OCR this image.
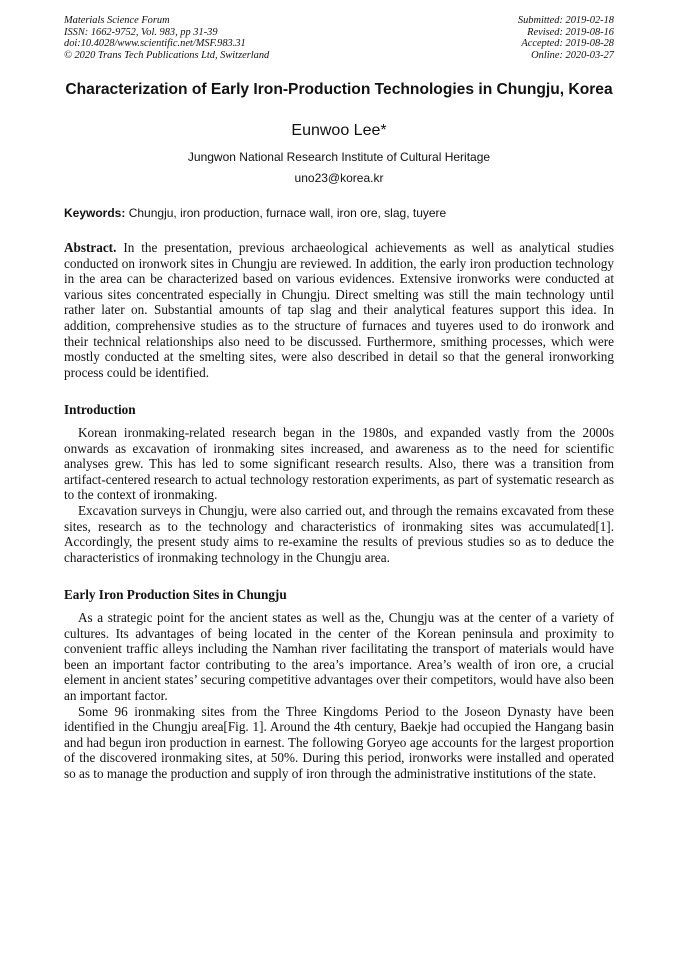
Materials Science Forum
ISSN: 1662-9752, Vol. 983, pp 31-39
doi:10.4028/www.scientific.net/MSF.983.31
© 2020 Trans Tech Publications Ltd, Switzerland
Submitted: 2019-02-18
Revised: 2019-08-16
Accepted: 2019-08-28
Online: 2020-03-27
Characterization of Early Iron-Production Technologies in Chungju, Korea
Eunwoo Lee*
Jungwon National Research Institute of Cultural Heritage
uno23@korea.kr
Keywords: Chungju, iron production, furnace wall, iron ore, slag, tuyere

Abstract. In the presentation, previous archaeological achievements as well as analytical studies conducted on ironwork sites in Chungju are reviewed. In addition, the early iron production technology in the area can be characterized based on various evidences. Extensive ironworks were conducted at various sites concentrated especially in Chungju. Direct smelting was still the main technology until rather later on. Substantial amounts of tap slag and their analytical features support this idea. In addition, comprehensive studies as to the structure of furnaces and tuyeres used to do ironwork and their technical relationships also need to be discussed. Furthermore, smithing processes, which were mostly conducted at the smelting sites, were also described in detail so that the general ironworking process could be identified.

Introduction

Korean ironmaking-related research began in the 1980s, and expanded vastly from the 2000s onwards as excavation of ironmaking sites increased, and awareness as to the need for scientific analyses grew. This has led to some significant research results. Also, there was a transition from artifact-centered research to actual technology restoration experiments, as part of systematic research as to the context of ironmaking.

Excavation surveys in Chungju, were also carried out, and through the remains excavated from these sites, research as to the technology and characteristics of ironmaking sites was accumulated[1]. Accordingly, the present study aims to re-examine the results of previous studies so as to deduce the characteristics of ironmaking technology in the Chungju area.

Early Iron Production Sites in Chungju

As a strategic point for the ancient states as well as the, Chungju was at the center of a variety of cultures. Its advantages of being located in the center of the Korean peninsula and proximity to convenient traffic alleys including the Namhan river facilitating the transport of materials would have been an important factor contributing to the area’s importance. Area’s wealth of iron ore, a crucial element in ancient states’ securing competitive advantages over their competitors, would have also been an important factor.

Some 96 ironmaking sites from the Three Kingdoms Period to the Joseon Dynasty have been identified in the Chungju area[Fig. 1]. Around the 4th century, Baekje had occupied the Hangang basin and had begun iron production in earnest. The following Goryeo age accounts for the largest proportion of the discovered ironmaking sites, at 50%. During this period, ironworks were installed and operated so as to manage the production and supply of iron through the administrative institutions of the state.
